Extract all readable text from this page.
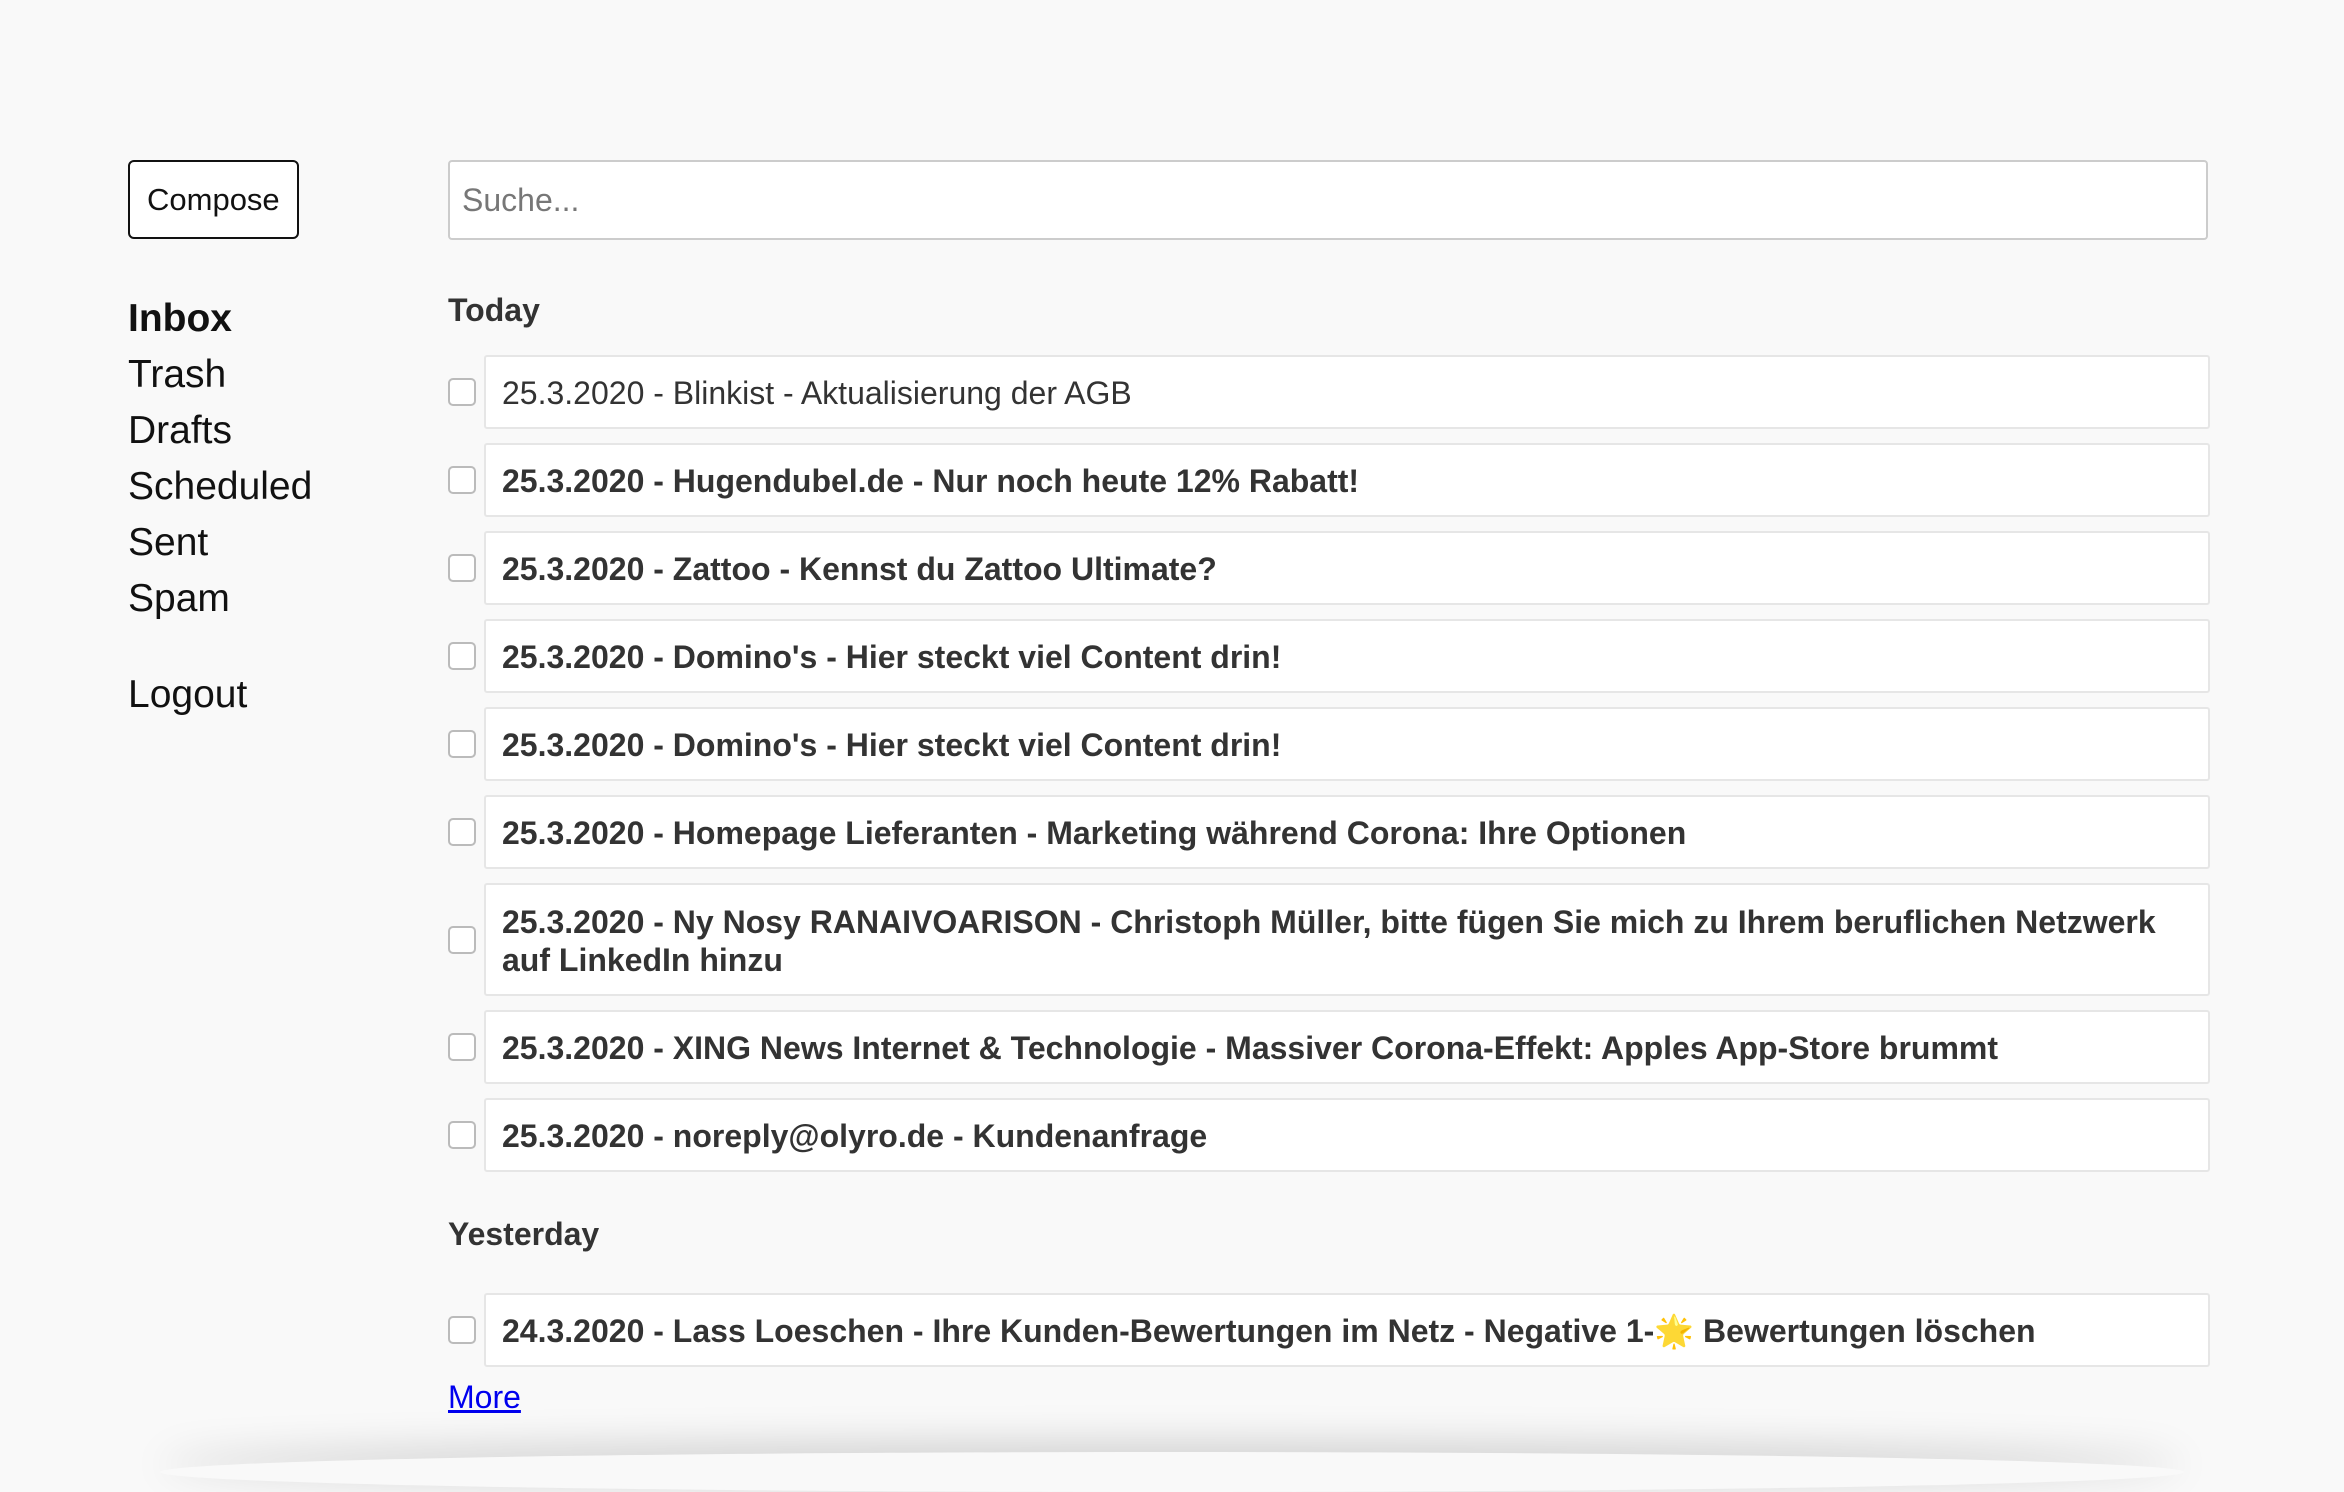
Compose
Inbox
Trash
Drafts
Scheduled
Sent
Spam
Logout
Suche...
Today
25.3.2020 - Blinkist - Aktualisierung der AGB
25.3.2020 - Hugendubel.de - Nur noch heute 12% Rabatt!
25.3.2020 - Zattoo - Kennst du Zattoo Ultimate?
25.3.2020 - Domino's - Hier steckt viel Content drin!
25.3.2020 - Domino's - Hier steckt viel Content drin!
25.3.2020 - Homepage Lieferanten - Marketing während Corona: Ihre Optionen
25.3.2020 - Ny Nosy RANAIVOARISON - Christoph Müller, bitte fügen Sie mich zu Ihrem beruflichen Netzwerk auf LinkedIn hinzu
25.3.2020 - XING News Internet & Technologie - Massiver Corona-Effekt: Apples App-Store brummt
25.3.2020 - noreply@olyro.de - Kundenanfrage
Yesterday
24.3.2020 - Lass Loeschen - Ihre Kunden-Bewertungen im Netz - Negative 1-🌟 Bewertungen löschen
More
